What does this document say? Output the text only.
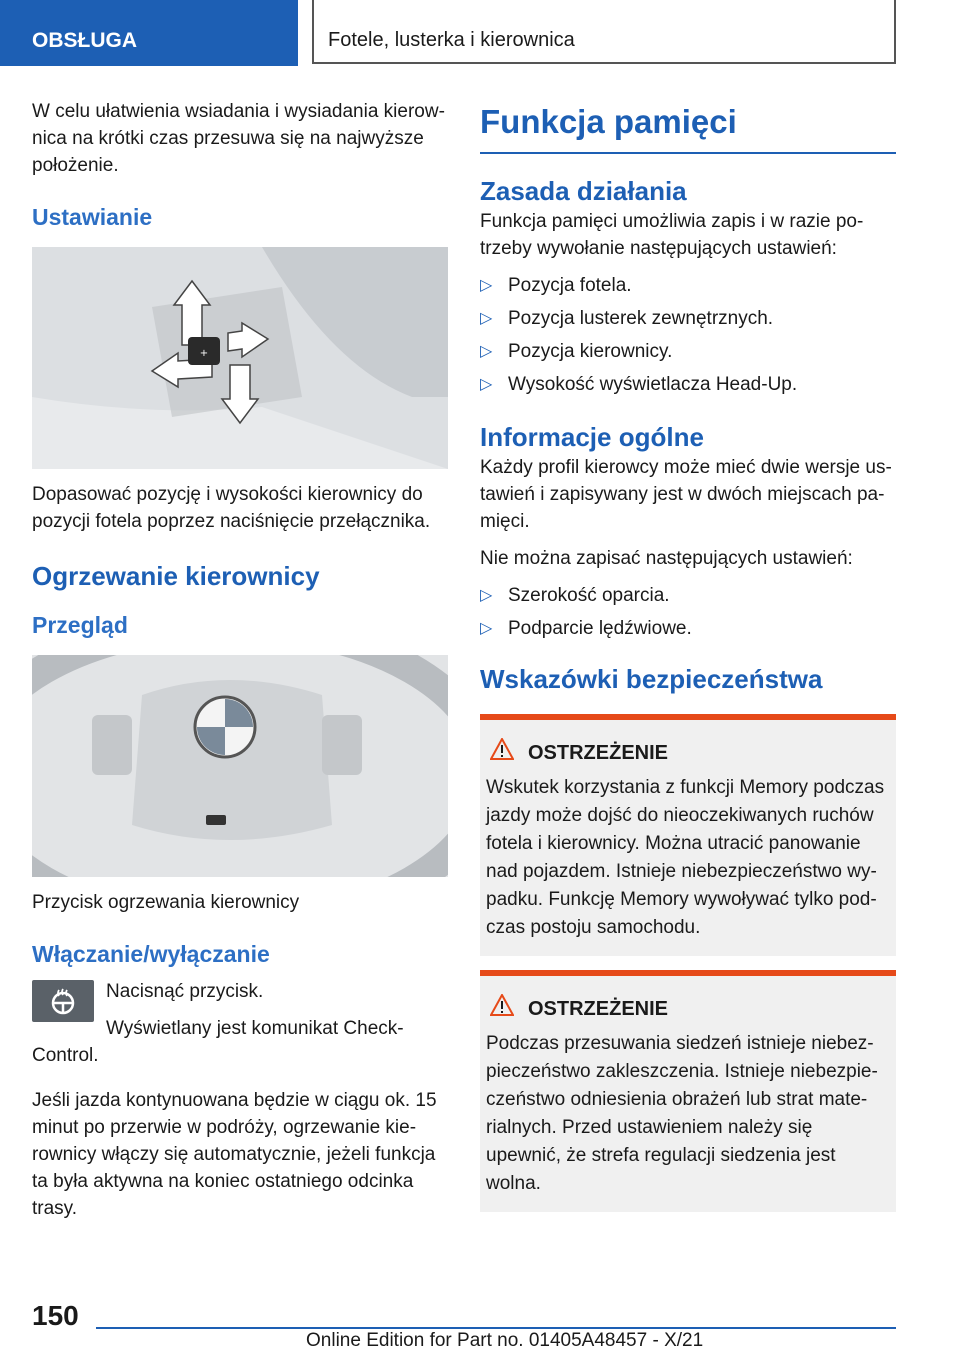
OBSŁUGA	Fotele, lusterka i kierownica

W celu ułatwienia wsiadania i wysiadania kierow-nica na krótki czas przesuwa się na najwyższe położenie.

Ustawianie
+

Dopasować pozycję i wysokości kierownicy do pozycji fotela poprzez naciśnięcie przełącznika.

Ogrzewanie kierownicy
Przegląd

Przycisk ogrzewania kierownicy

Włączanie/wyłączanie

Nacisnąć przycisk.

Wyświetlany jest komunikat Check-Control.

Jeśli jazda kontynuowana będzie w ciągu ok. 15 minut po przerwie w podróży, ogrzewanie kie-rownicy włączy się automatycznie, jeżeli funkcja ta była aktywna na koniec ostatniego odcinka trasy.

Funkcja pamięci
Zasada działania

Funkcja pamięci umożliwia zapis i w razie po-trzeby wywołanie następujących ustawień:

▷ Pozycja fotela.
▷ Pozycja lusterek zewnętrznych.
▷ Pozycja kierownicy.
▷ Wysokość wyświetlacza Head-Up.
Informacje ogólne

Każdy profil kierowcy może mieć dwie wersje us-tawień i zapisywany jest w dwóch miejscach pa-mięci.

Nie można zapisać następujących ustawień:

▷ Szerokość oparcia.
▷ Podparcie lędźwiowe.
Wskazówki bezpieczeństwa
OSTRZEŻENIE

Wskutek korzystania z funkcji Memory podczas jazdy może dojść do nieoczekiwanych ruchów fotela i kierownicy. Można utracić panowanie nad pojazdem. Istnieje niebezpieczeństwo wy-padku. Funkcję Memory wywoływać tylko pod-czas postoju samochodu.

OSTRZEŻENIE

Podczas przesuwania siedzeń istnieje niebez-pieczeństwo zakleszczenia. Istnieje niebezpie-czeństwo odniesienia obrażeń lub strat mate-rialnych. Przed ustawieniem należy się upewnić, że strefa regulacji siedzenia jest wolna.

150
Online Edition for Part no. 01405A48457 - X/21
